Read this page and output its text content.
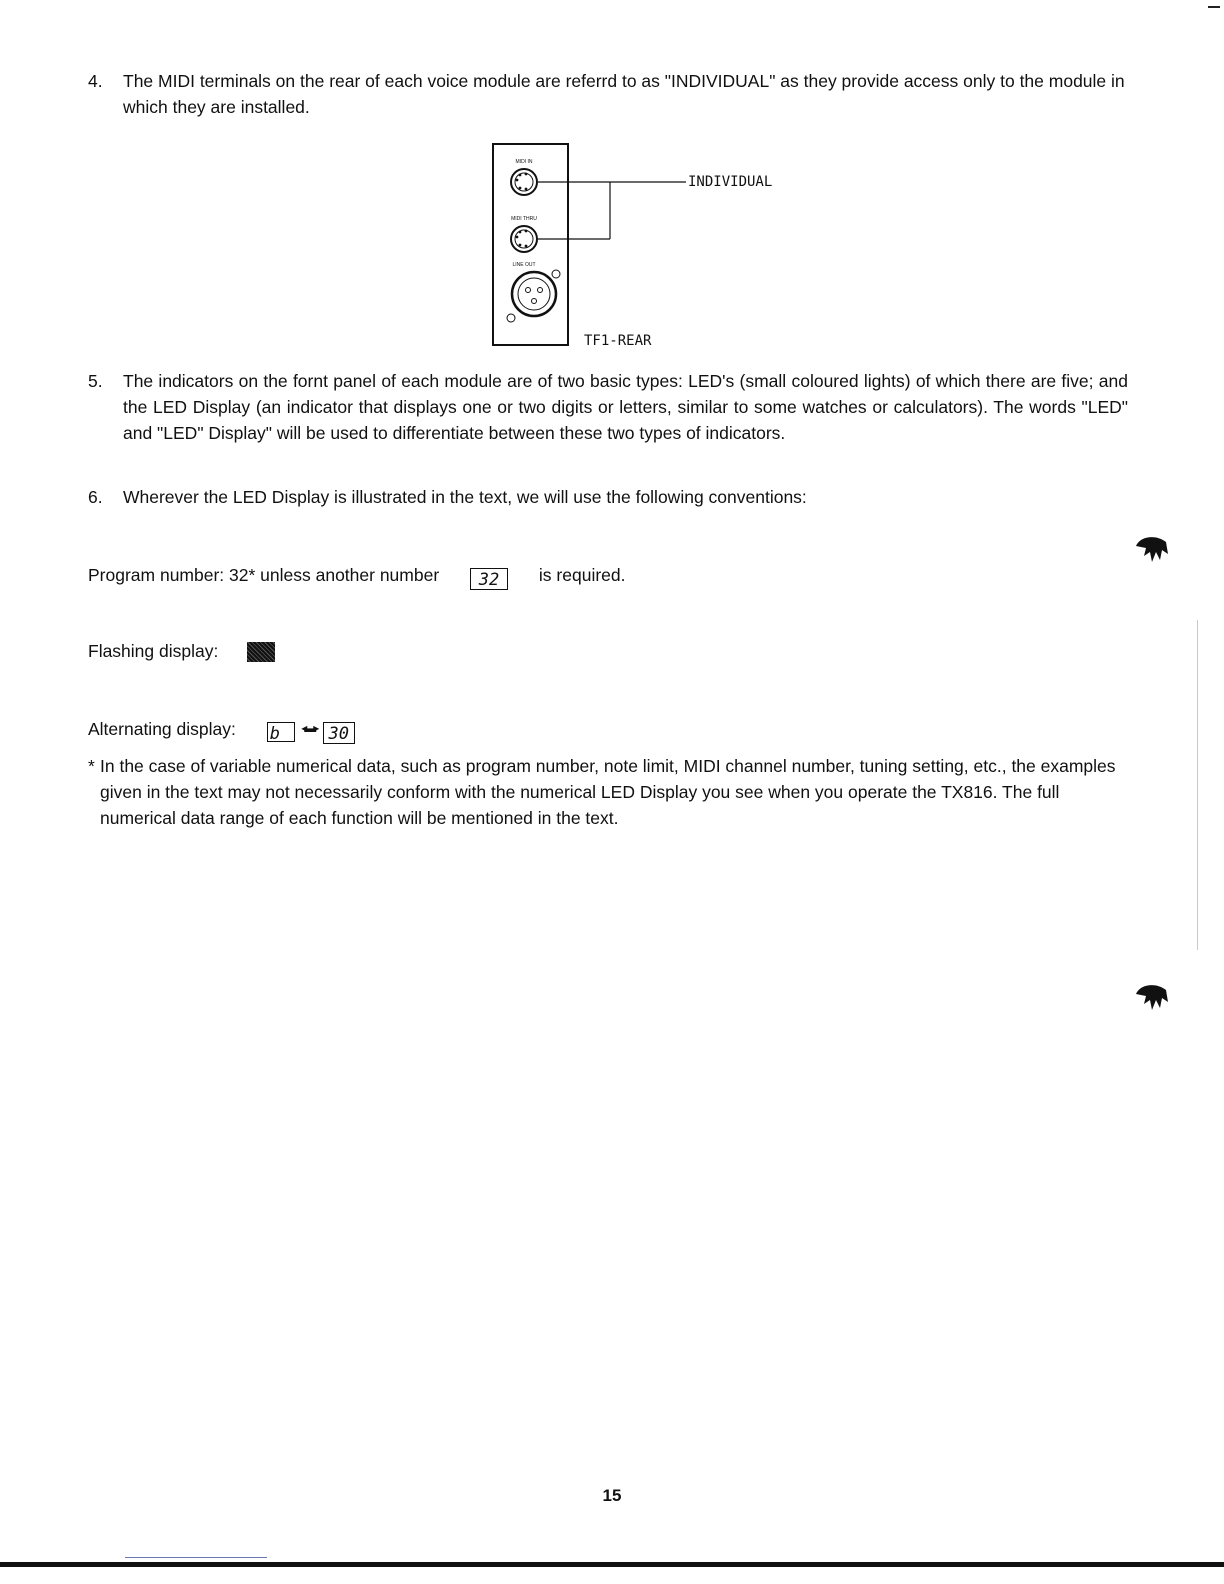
4. The MIDI terminals on the rear of each voice module are referrd to as "INDIVIDUAL" as they provide access only to the module in which they are installed.
MIDI IN
MIDI THRU
LINE OUT
INDIVIDUAL
TF1-REAR
5. The indicators on the fornt panel of each module are of two basic types: LED's (small coloured lights) of which there are five; and the LED Display (an indicator that displays one or two digits or letters, similar to some watches or calculators). The words "LED" and "LED" Display" will be used to differentiate between these two types of indicators.
6. Wherever the LED Display is illustrated in the text, we will use the following conventions:
Program number: 32* unless another number 32 is required.
Flashing display:
Alternating display: b ◂▬▸ 30
* In the case of variable numerical data, such as program number, note limit, MIDI channel number, tuning setting, etc., the examples given in the text may not necessarily conform with the numerical LED Display you see when you operate the TX816. The full numerical data range of each function will be mentioned in the text.
15
